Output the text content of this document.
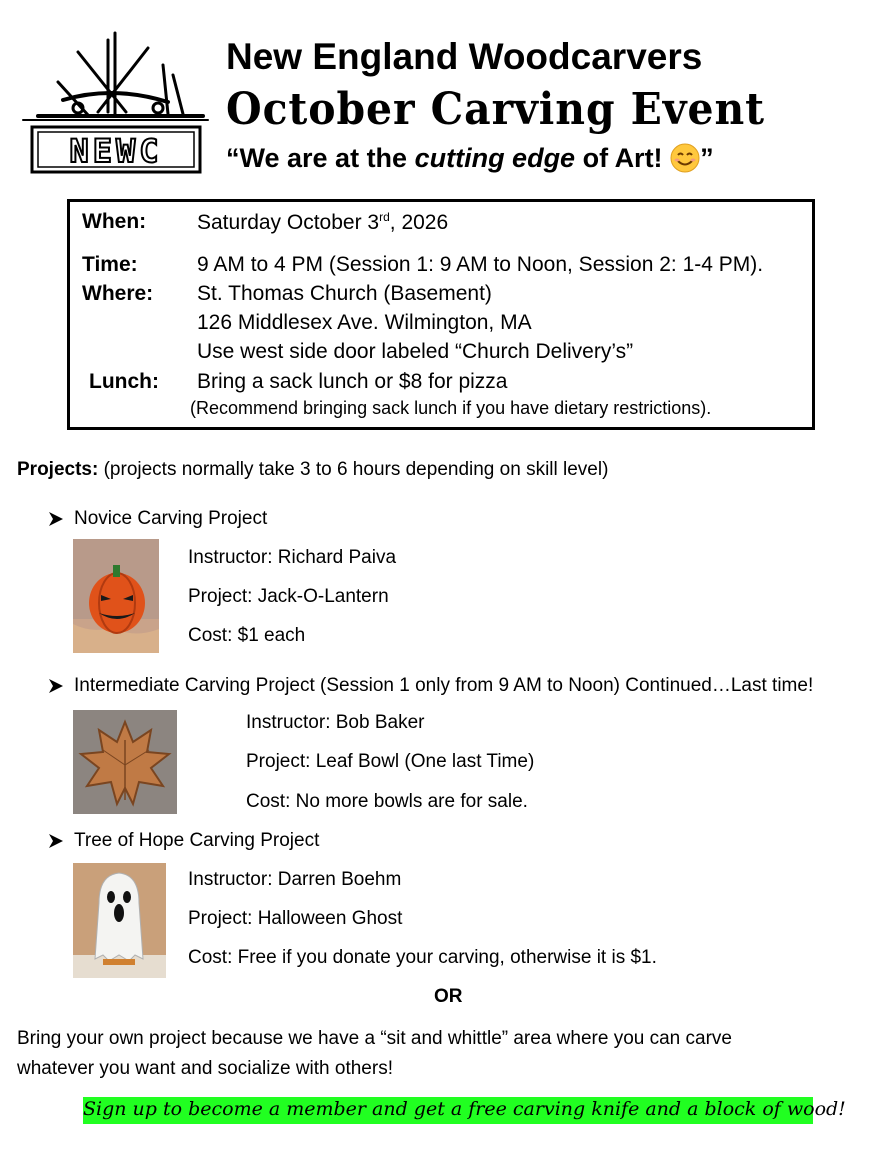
NEWC
New England Woodcarvers
October Carving Event
“We are at the cutting edge of Art! ”
When: Saturday October 3rd, 2026
Time:	9 AM to 4 PM (Session 1: 9 AM to Noon, Session 2: 1-4 PM).
Where: St. Thomas Church (Basement)
126 Middlesex Ave. Wilmington, MA
Use west side door labeled “Church Delivery’s”
Lunch: Bring a sack lunch or $8 for pizza
(Recommend bringing sack lunch if you have dietary restrictions).
Projects: (projects normally take 3 to 6 hours depending on skill level)
Novice Carving Project
Instructor: Richard Paiva
Project: Jack-O-Lantern
Cost: $1 each
Intermediate Carving Project (Session 1 only from 9 AM to Noon) Continued…Last time!
Instructor: Bob Baker
Project: Leaf Bowl (One last Time)
Cost: No more bowls are for sale.
Tree of Hope Carving Project
Instructor: Darren Boehm
Project: Halloween Ghost
Cost: Free if you donate your carving, otherwise it is $1.
OR
Bring your own project because we have a “sit and whittle” area where you can carve
whatever you want and socialize with others!
Sign up to become a member and get a free carving knife and a block of wood!
